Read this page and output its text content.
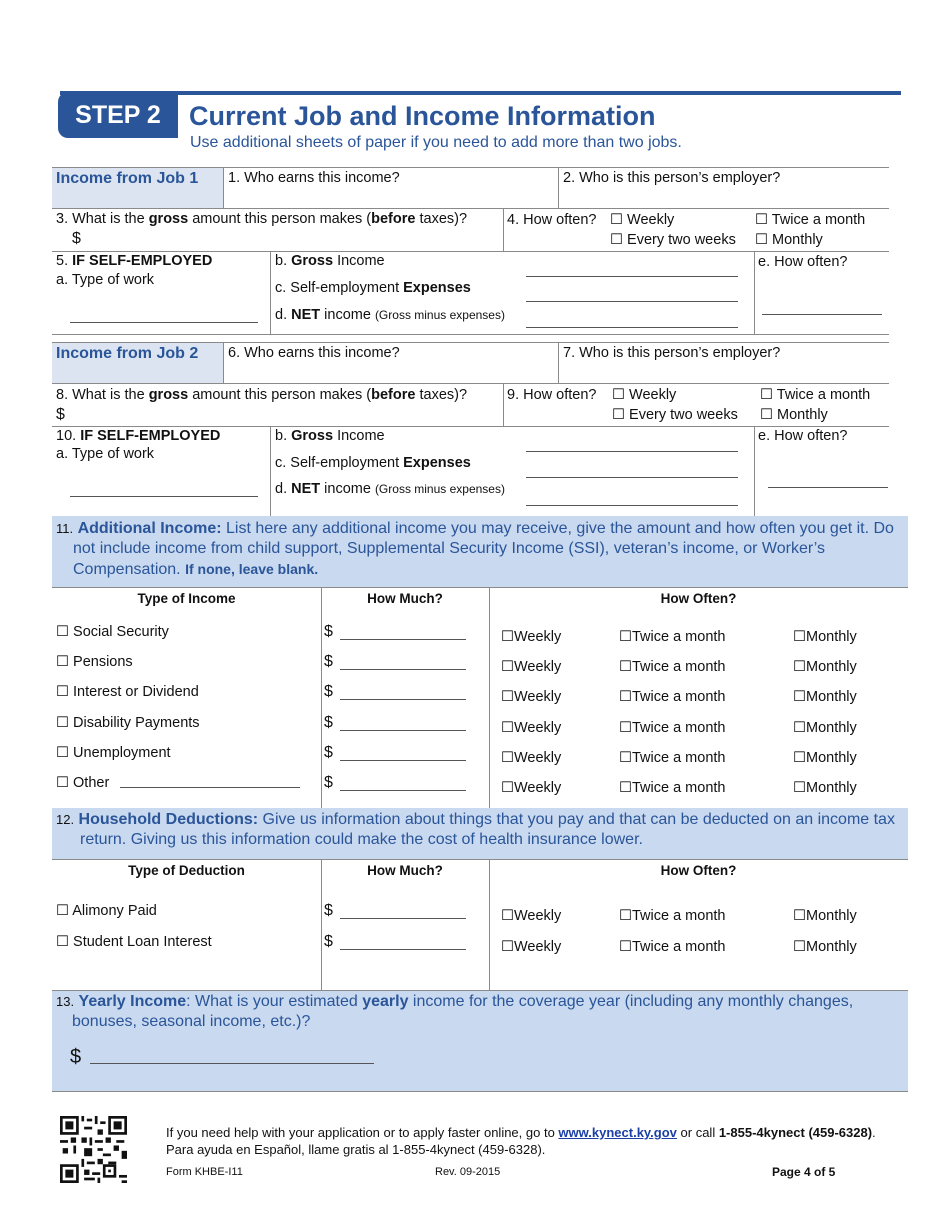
STEP 2	Current Job and Income Information
Use additional sheets of paper if you need to add more than two jobs.
Income from Job 1 1. Who earns this income?	2. Who is this person’s employer?
3. What is the gross amount this person makes (before taxes)?
$
4. How often? ☐ Weekly	☐ Twice a month
☐ Every two weeks ☐ Monthly
5. IF SELF-EMPLOYED
a. Type of work
b. Gross Income
c. Self-employment Expenses
d. NET income (Gross minus expenses)
e. How often?
Income from Job 2 6. Who earns this income?	7. Who is this person’s employer?
8. What is the gross amount this person makes (before taxes)?
$
9. How often? ☐ Weekly	☐ Twice a month
☐ Every two weeks ☐ Monthly
10. IF SELF-EMPLOYED
a. Type of work
b. Gross Income
c. Self-employment Expenses
d. NET income (Gross minus expenses)
e. How often?
11. Additional Income: List here any additional income you may receive, give the amount and how often you get it. Do not include income from child support, Supplemental Security Income (SSI), veteran’s income, or Worker’s Compensation. If none, leave blank.
Type of Income	How Much?	How Often?
☐ Social Security	$	☐Weekly	☐Twice a month	☐Monthly
☐ Pensions	$	☐Weekly	☐Twice a month	☐Monthly
☐ Interest or Dividend	$	☐Weekly	☐Twice a month	☐Monthly
☐ Disability Payments	$	☐Weekly	☐Twice a month	☐Monthly
☐ Unemployment	$	☐Weekly	☐Twice a month	☐Monthly
☐ Other	$	☐Weekly	☐Twice a month	☐Monthly
12. Household Deductions: Give us information about things that you pay and that can be deducted on an income tax return. Giving us this information could make the cost of health insurance lower.
Type of Deduction	How Much?	How Often?
☐ Alimony Paid	$	☐Weekly	☐Twice a month	☐Monthly
☐ Student Loan Interest	$	☐Weekly	☐Twice a month	☐Monthly
13. Yearly Income: What is your estimated yearly income for the coverage year (including any monthly changes, bonuses, seasonal income, etc.)?
$
If you need help with your application or to apply faster online, go to www.kynect.ky.gov or call 1-855-4kynect (459-6328). Para ayuda en Español, llame gratis al 1-855-4kynect (459-6328).
Form KHBE-I11	Rev. 09-2015	Page 4 of 5
